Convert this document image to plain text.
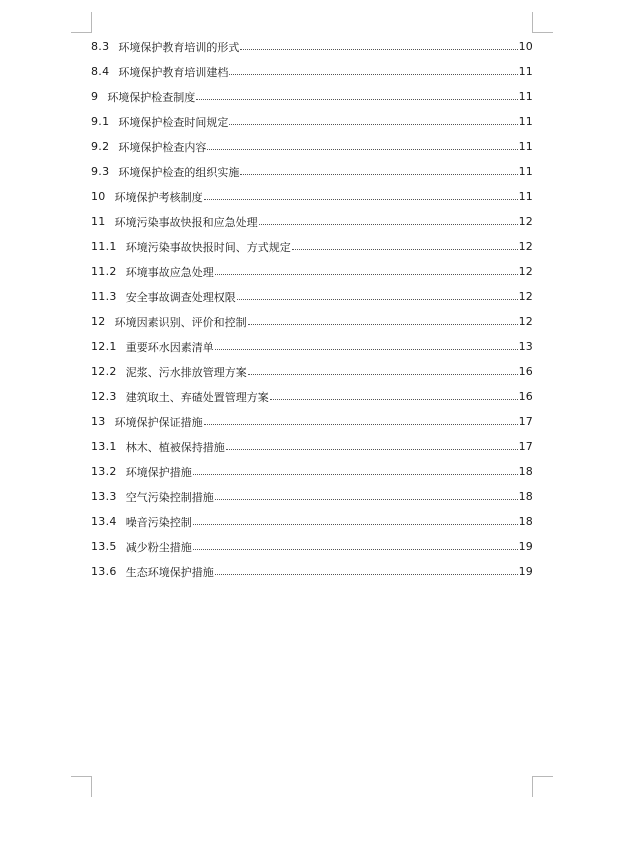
8.3 环境保护教育培训的形式	10
8.4 环境保护教育培训建档	11
9 环境保护检查制度	11
9.1 环境保护检查时间规定	11
9.2 环境保护检查内容	11
9.3 环境保护检查的组织实施	11
10 环境保护考核制度	11
11 环境污染事故快报和应急处理	12
11.1 环境污染事故快报时间、方式规定	12
11.2 环境事故应急处理	12
11.3 安全事故调查处理权限	12
12 环境因素识别、评价和控制	12
12.1 重要环水因素清单	13
12.2 泥浆、污水排放管理方案	16
12.3 建筑取土、弃碴处置管理方案	16
13 环境保护保证措施	17
13.1 林木、植被保持措施	17
13.2 环境保护措施	18
13.3 空气污染控制措施	18
13.4 噪音污染控制	18
13.5 减少粉尘措施	19
13.6 生态环境保护措施	19
